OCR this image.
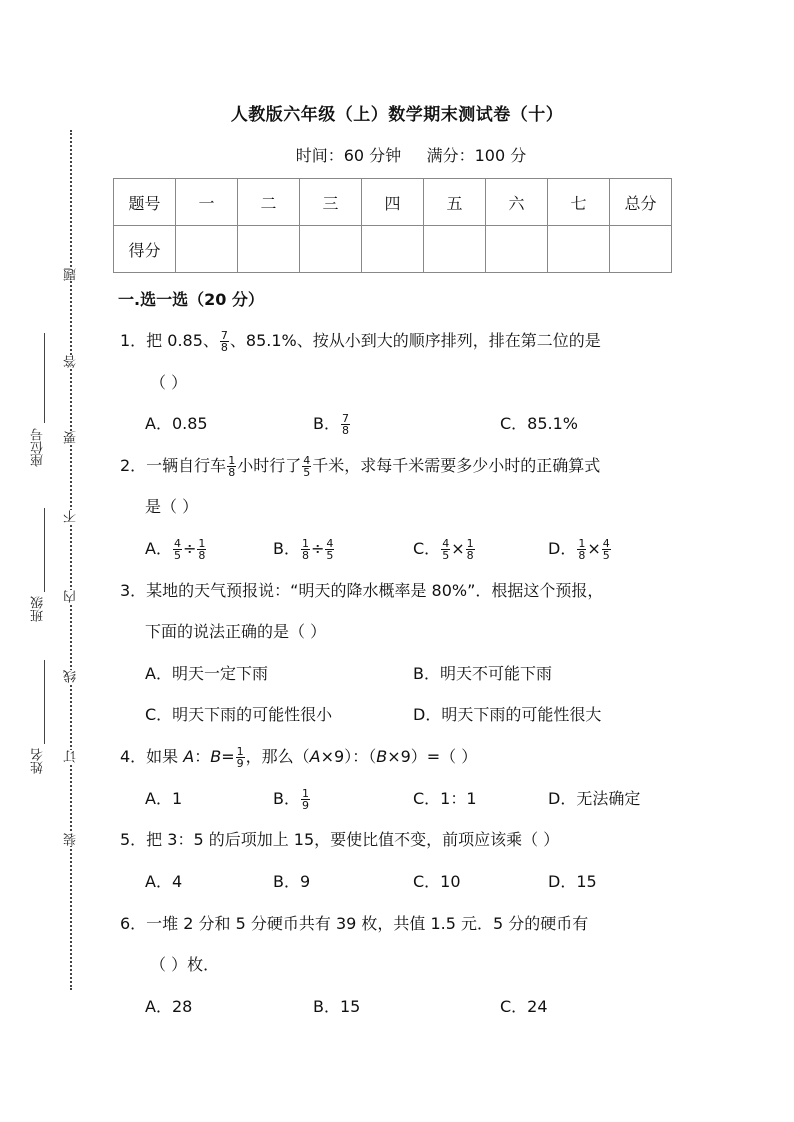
题
答
要
不
内
线
订
装
座位号
班级
姓名
人教版六年级（上）数学期末测试卷（十）
时间：60 分钟     满分：100 分
题号	一	二	三	四	五	六	七	总分
得分								
一.选一选（20 分）
1．把 0.85、 $\frac{7}{8}$ 、85.1%、按从小到大的顺序排列，排在第二位的是
（ ）
A．0.85	B． $\frac{7}{8}$	C．85.1%
2．一辆自行车 $\frac{1}{8}$ 小时行了 $\frac{4}{5}$ 千米，求每千米需要多少小时的正确算式
是（ ）
A． $\frac{4}{5} \div \frac{1}{8}$	B． $\frac{1}{8} \div \frac{4}{5}$	C． $\frac{4}{5} \times \frac{1}{8}$	D． $\frac{1}{8} \times \frac{4}{5}$
3．某地的天气预报说：“明天的降水概率是 80%”．根据这个预报，
下面的说法正确的是（ ）
A．明天一定下雨	B．明天不可能下雨
C．明天下雨的可能性很小	D．明天下雨的可能性很大
4．如果 A：$B= \frac{1}{9}$ ，那么（A×9）：（B×9）=（ ）
A．1	B． $\frac{1}{9}$	C．1：1	D．无法确定
5．把 3：5 的后项加上 15，要使比值不变，前项应该乘（ ）
A．4	B．9	C．10	D．15
6．一堆 2 分和 5 分硬币共有 39 枚，共值 1.5 元．5 分的硬币有
（ ）枚．
A．28	B．15	C．24
